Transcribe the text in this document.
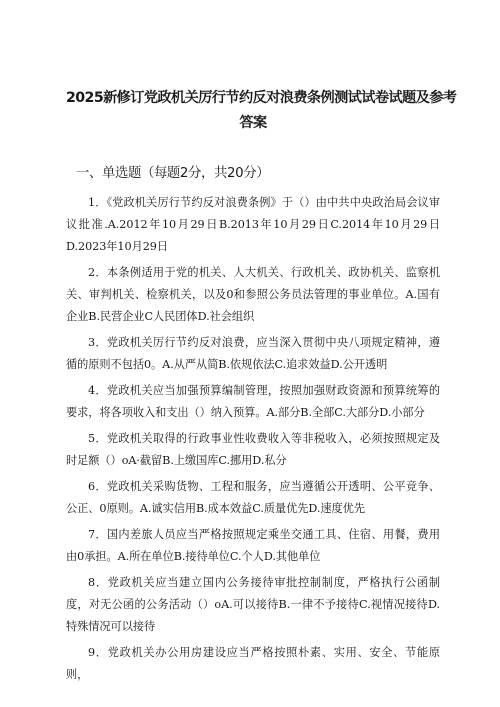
2025新修订党政机关厉行节约反对浪费条例测试试卷试题及参考
答案
一、单选题（每题2分，共20分）

1．《党政机关厉行节约反对浪费条例》于（）由中共中央政治局会议审议批准.A.2012年10月29日B.2013年10月29日C.2014年10月29日D.2023年10月29日

2．本条例适用于党的机关、人大机关、行政机关、政协机关、监察机关、审判机关、检察机关，以及0和参照公务员法管理的事业单位。A.国有企业B.民营企业C人民团体D.社会组织

3．党政机关厉行节约反对浪费，应当深入贯彻中央八项规定精神，遵循的原则不包括0。A.从严从简B.依规依法C.追求效益D.公开透明

4．党政机关应当加强预算编制管理，按照加强财政资源和预算统筹的要求，将各项收入和支出（）纳入预算。A.部分B.全部C.大部分D.小部分

5．党政机关取得的行政事业性收费收入等非税收入，必须按照规定及时足额（）oA·截留B.上缴国库C.挪用D.私分

6．党政机关采购货物、工程和服务，应当遵循公开透明、公平竞争、公正、0原则。A.诚实信用B.成本效益C.质量优先D.速度优先

7．国内差旅人员应当严格按照规定乘坐交通工具、住宿、用餐，费用由0承担。A.所在单位B.接待单位C.个人D.其他单位

8．党政机关应当建立国内公务接待审批控制制度，严格执行公函制度，对无公函的公务活动（）oA.可以接待B.一律不予接待C.视情况接待D.特殊情况可以接待

9．党政机关办公用房建设应当严格按照朴素、实用、安全、节能原则，
